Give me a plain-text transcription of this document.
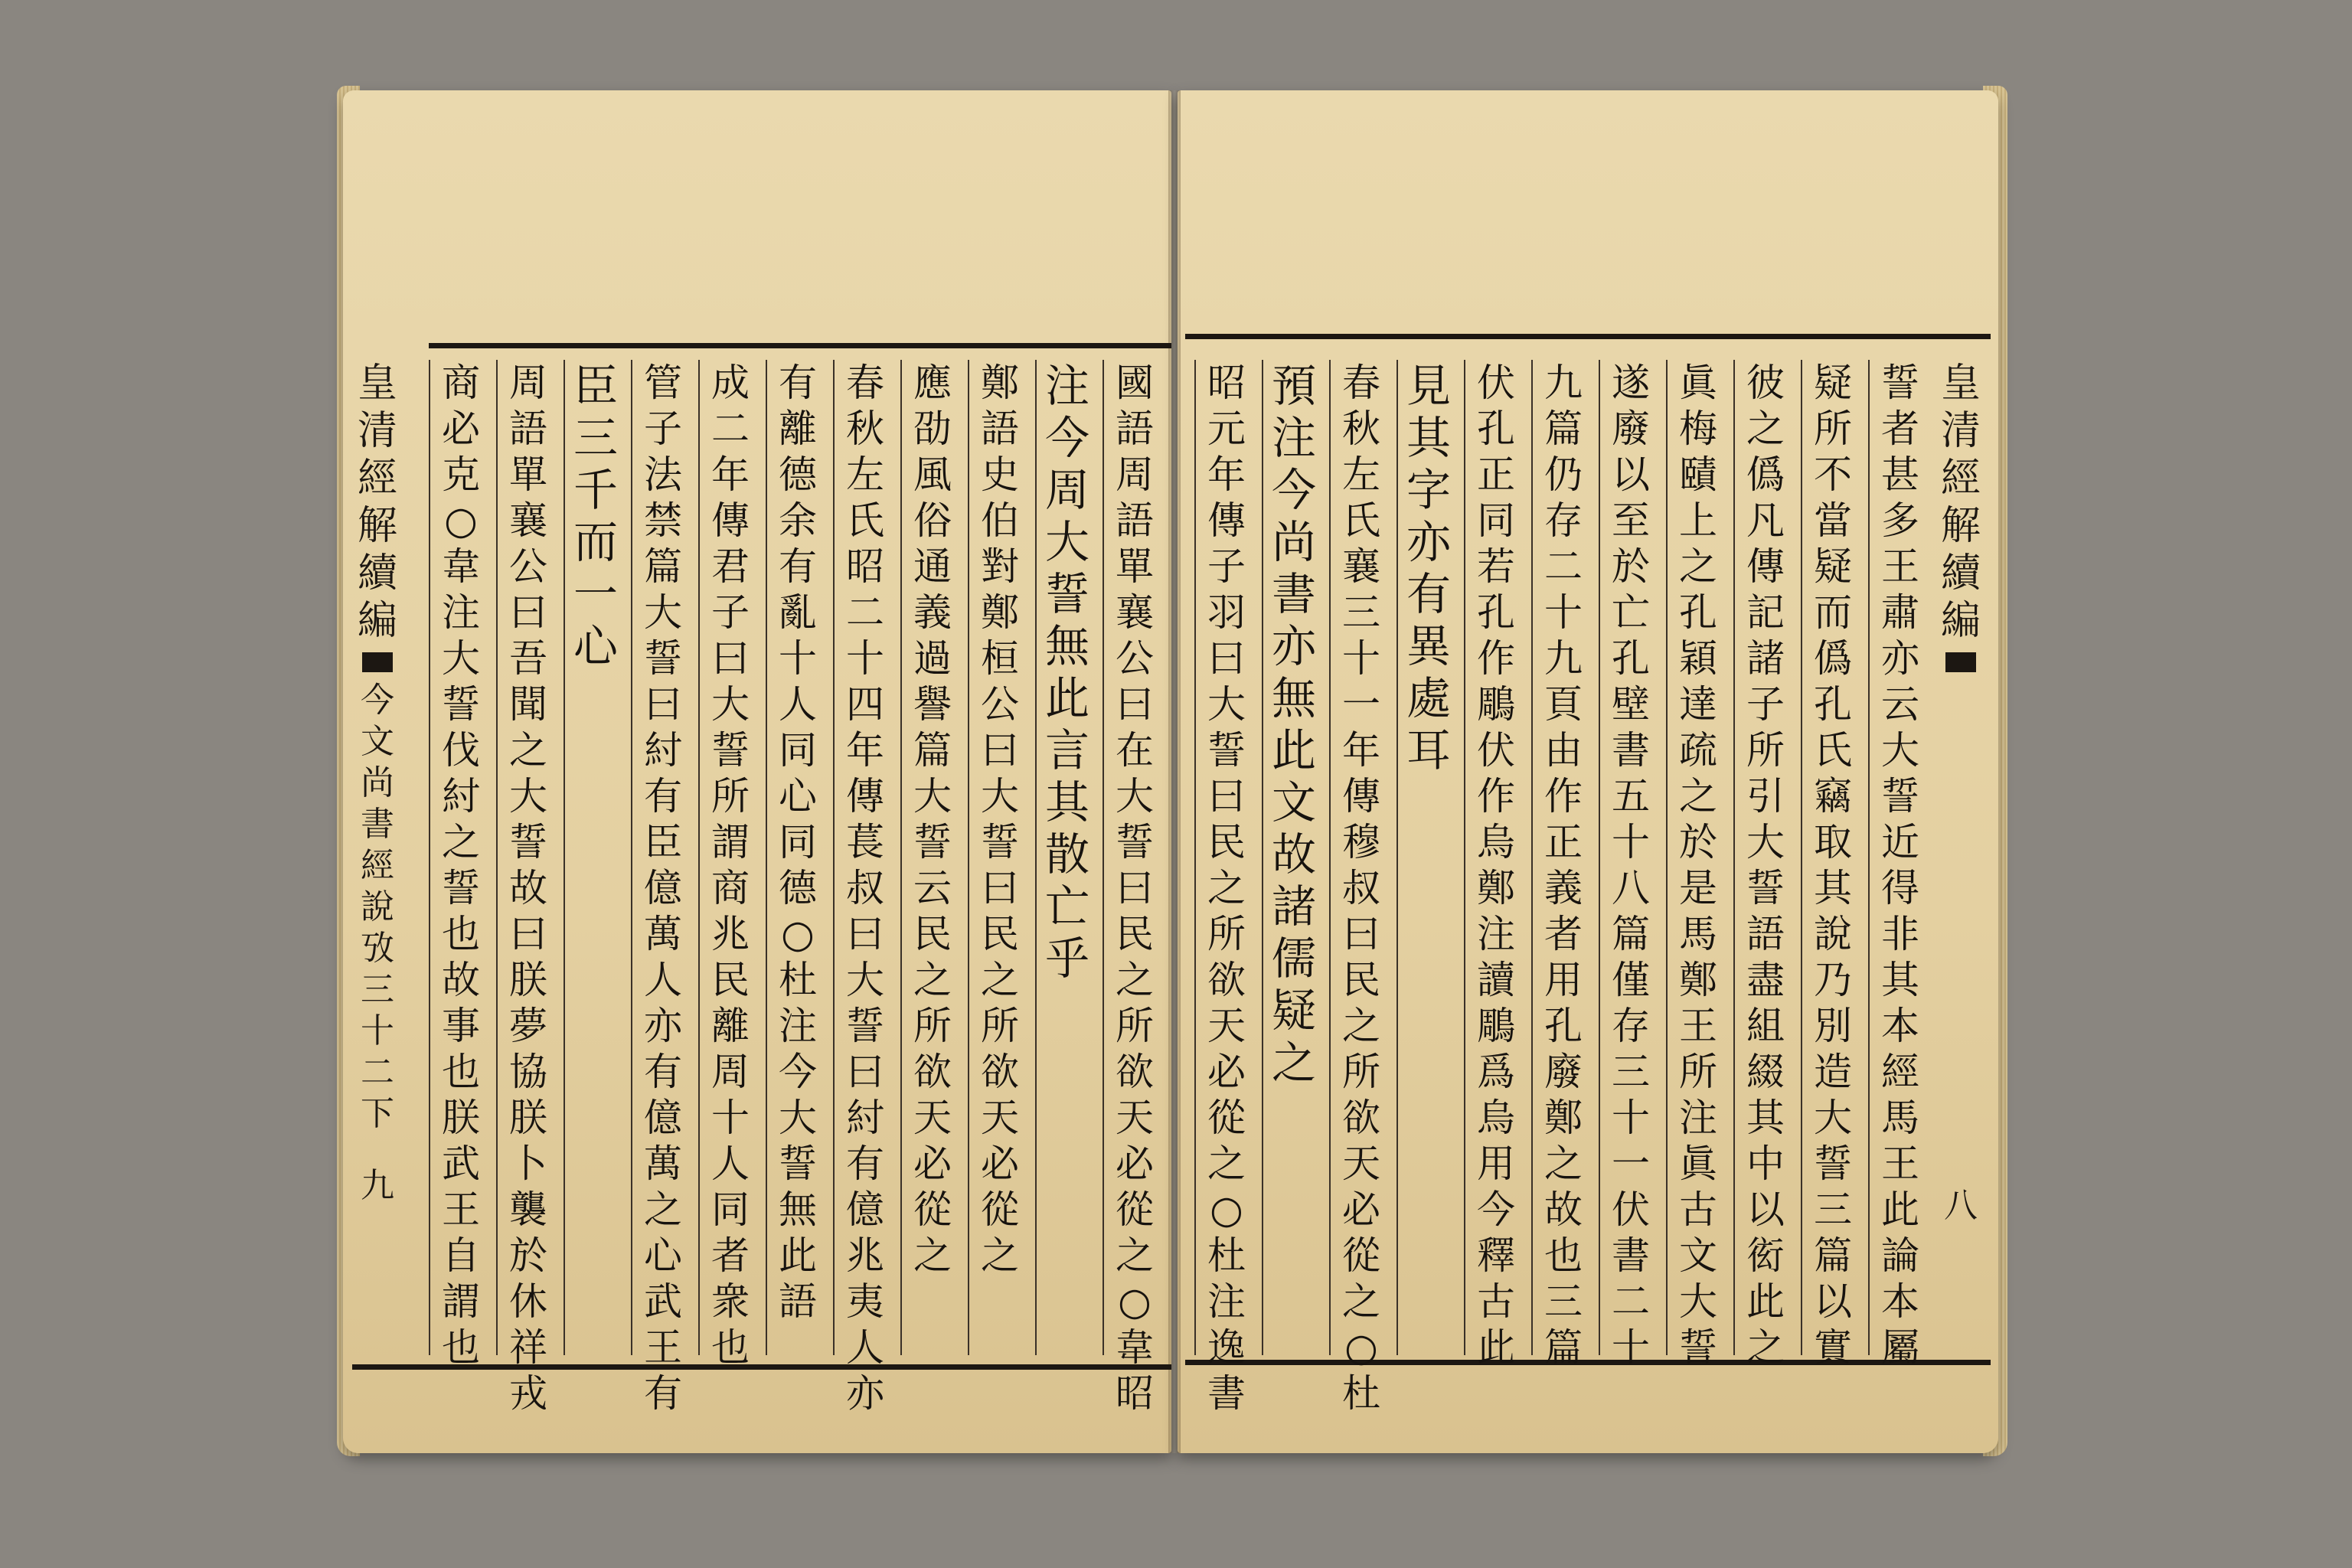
皇
清
經
解
續
編
今
文
尚
書
經
說
攷
三
十
二
下
九
皇
清
經
解
續
編
八
國
語
周
語
單
襄
公
曰
在
大
誓
曰
民
之
所
欲
天
必
從
之
○
韋
昭
注
今
周
大
誓
無
此
言
其
散
亡
乎
鄭
語
史
伯
對
鄭
桓
公
曰
大
誓
曰
民
之
所
欲
天
必
從
之
應
劭
風
俗
通
義
過
譽
篇
大
誓
云
民
之
所
欲
天
必
從
之
春
秋
左
氏
昭
二
十
四
年
傳
萇
叔
曰
大
誓
曰
紂
有
億
兆
夷
人
亦
有
離
德
余
有
亂
十
人
同
心
同
德
○
杜
注
今
大
誓
無
此
語
成
二
年
傳
君
子
曰
大
誓
所
謂
商
兆
民
離
周
十
人
同
者
衆
也
管
子
法
禁
篇
大
誓
曰
紂
有
臣
億
萬
人
亦
有
億
萬
之
心
武
王
有
臣
三
千
而
一
心
周
語
單
襄
公
曰
吾
聞
之
大
誓
故
曰
朕
夢
協
朕
卜
襲
於
休
祥
戎
商
必
克
○
韋
注
大
誓
伐
紂
之
誓
也
故
事
也
朕
武
王
自
謂
也
誓
者
甚
多
王
肅
亦
云
大
誓
近
得
非
其
本
經
馬
王
此
論
本
屬
疑
所
不
當
疑
而
僞
孔
氏
竊
取
其
說
乃
別
造
大
誓
三
篇
以
實
彼
之
僞
凡
傳
記
諸
子
所
引
大
誓
語
盡
組
綴
其
中
以
衒
此
之
眞
梅
賾
上
之
孔
穎
達
疏
之
於
是
馬
鄭
王
所
注
眞
古
文
大
誓
遂
廢
以
至
於
亡
孔
壁
書
五
十
八
篇
僅
存
三
十
一
伏
書
二
十
九
篇
仍
存
二
十
九
頁
由
作
正
義
者
用
孔
廢
鄭
之
故
也
三
篇
伏
孔
正
同
若
孔
作
鵰
伏
作
烏
鄭
注
讀
鵰
爲
烏
用
今
釋
古
此
見
其
字
亦
有
異
處
耳
春
秋
左
氏
襄
三
十
一
年
傳
穆
叔
曰
民
之
所
欲
天
必
從
之
○
杜
預
注
今
尚
書
亦
無
此
文
故
諸
儒
疑
之
昭
元
年
傳
子
羽
曰
大
誓
曰
民
之
所
欲
天
必
從
之
○
杜
注
逸
書
